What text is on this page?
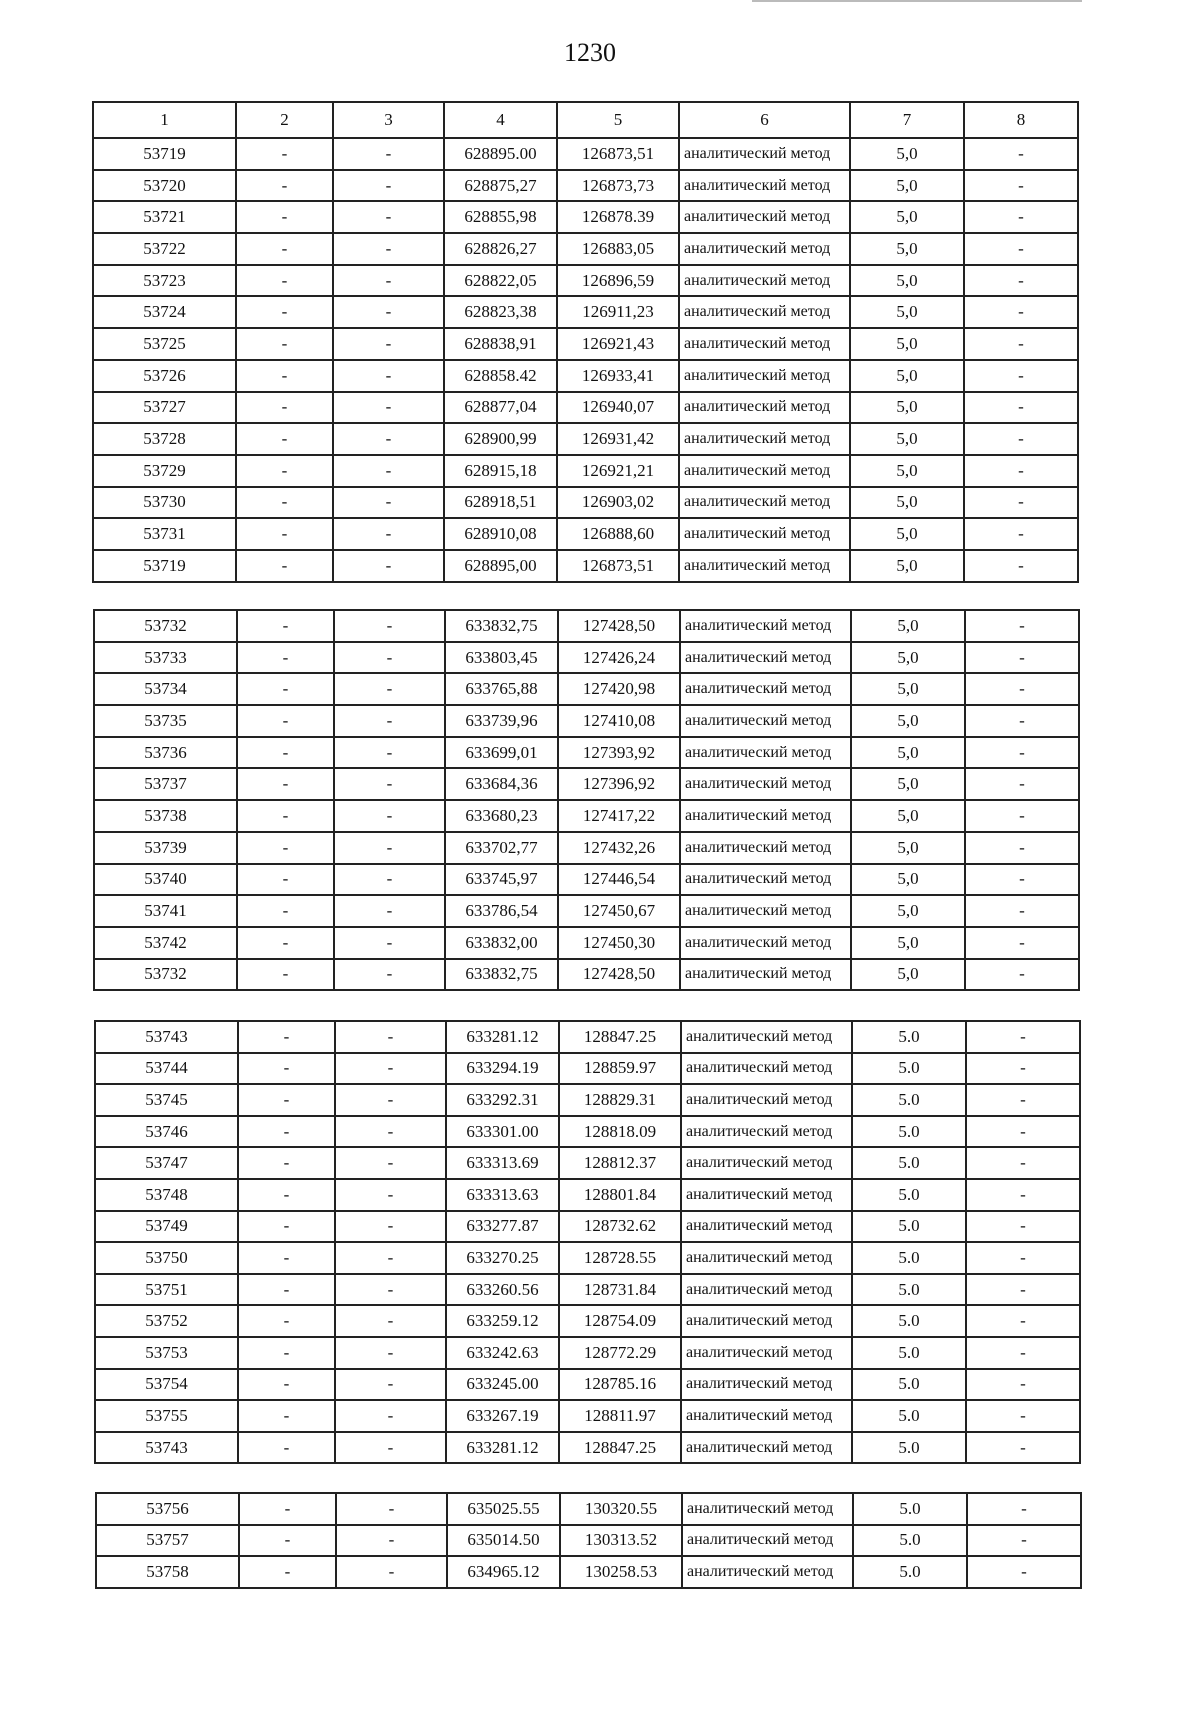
1230
1	2	3	4	5	6	7	8
53719	-	-	628895.00	126873,51	аналитический метод	5,0	-
53720	-	-	628875,27	126873,73	аналитический метод	5,0	-
53721	-	-	628855,98	126878.39	аналитический метод	5,0	-
53722	-	-	628826,27	126883,05	аналитический метод	5,0	-
53723	-	-	628822,05	126896,59	аналитический метод	5,0	-
53724	-	-	628823,38	126911,23	аналитический метод	5,0	-
53725	-	-	628838,91	126921,43	аналитический метод	5,0	-
53726	-	-	628858.42	126933,41	аналитический метод	5,0	-
53727	-	-	628877,04	126940,07	аналитический метод	5,0	-
53728	-	-	628900,99	126931,42	аналитический метод	5,0	-
53729	-	-	628915,18	126921,21	аналитический метод	5,0	-
53730	-	-	628918,51	126903,02	аналитический метод	5,0	-
53731	-	-	628910,08	126888,60	аналитический метод	5,0	-
53719	-	-	628895,00	126873,51	аналитический метод	5,0	-
53732	-	-	633832,75	127428,50	аналитический метод	5,0	-
53733	-	-	633803,45	127426,24	аналитический метод	5,0	-
53734	-	-	633765,88	127420,98	аналитический метод	5,0	-
53735	-	-	633739,96	127410,08	аналитический метод	5,0	-
53736	-	-	633699,01	127393,92	аналитический метод	5,0	-
53737	-	-	633684,36	127396,92	аналитический метод	5,0	-
53738	-	-	633680,23	127417,22	аналитический метод	5,0	-
53739	-	-	633702,77	127432,26	аналитический метод	5,0	-
53740	-	-	633745,97	127446,54	аналитический метод	5,0	-
53741	-	-	633786,54	127450,67	аналитический метод	5,0	-
53742	-	-	633832,00	127450,30	аналитический метод	5,0	-
53732	-	-	633832,75	127428,50	аналитический метод	5,0	-
53743	-	-	633281.12	128847.25	аналитический метод	5.0	-
53744	-	-	633294.19	128859.97	аналитический метод	5.0	-
53745	-	-	633292.31	128829.31	аналитический метод	5.0	-
53746	-	-	633301.00	128818.09	аналитический метод	5.0	-
53747	-	-	633313.69	128812.37	аналитический метод	5.0	-
53748	-	-	633313.63	128801.84	аналитический метод	5.0	-
53749	-	-	633277.87	128732.62	аналитический метод	5.0	-
53750	-	-	633270.25	128728.55	аналитический метод	5.0	-
53751	-	-	633260.56	128731.84	аналитический метод	5.0	-
53752	-	-	633259.12	128754.09	аналитический метод	5.0	-
53753	-	-	633242.63	128772.29	аналитический метод	5.0	-
53754	-	-	633245.00	128785.16	аналитический метод	5.0	-
53755	-	-	633267.19	128811.97	аналитический метод	5.0	-
53743	-	-	633281.12	128847.25	аналитический метод	5.0	-
53756	-	-	635025.55	130320.55	аналитический метод	5.0	-
53757	-	-	635014.50	130313.52	аналитический метод	5.0	-
53758	-	-	634965.12	130258.53	аналитический метод	5.0	-
